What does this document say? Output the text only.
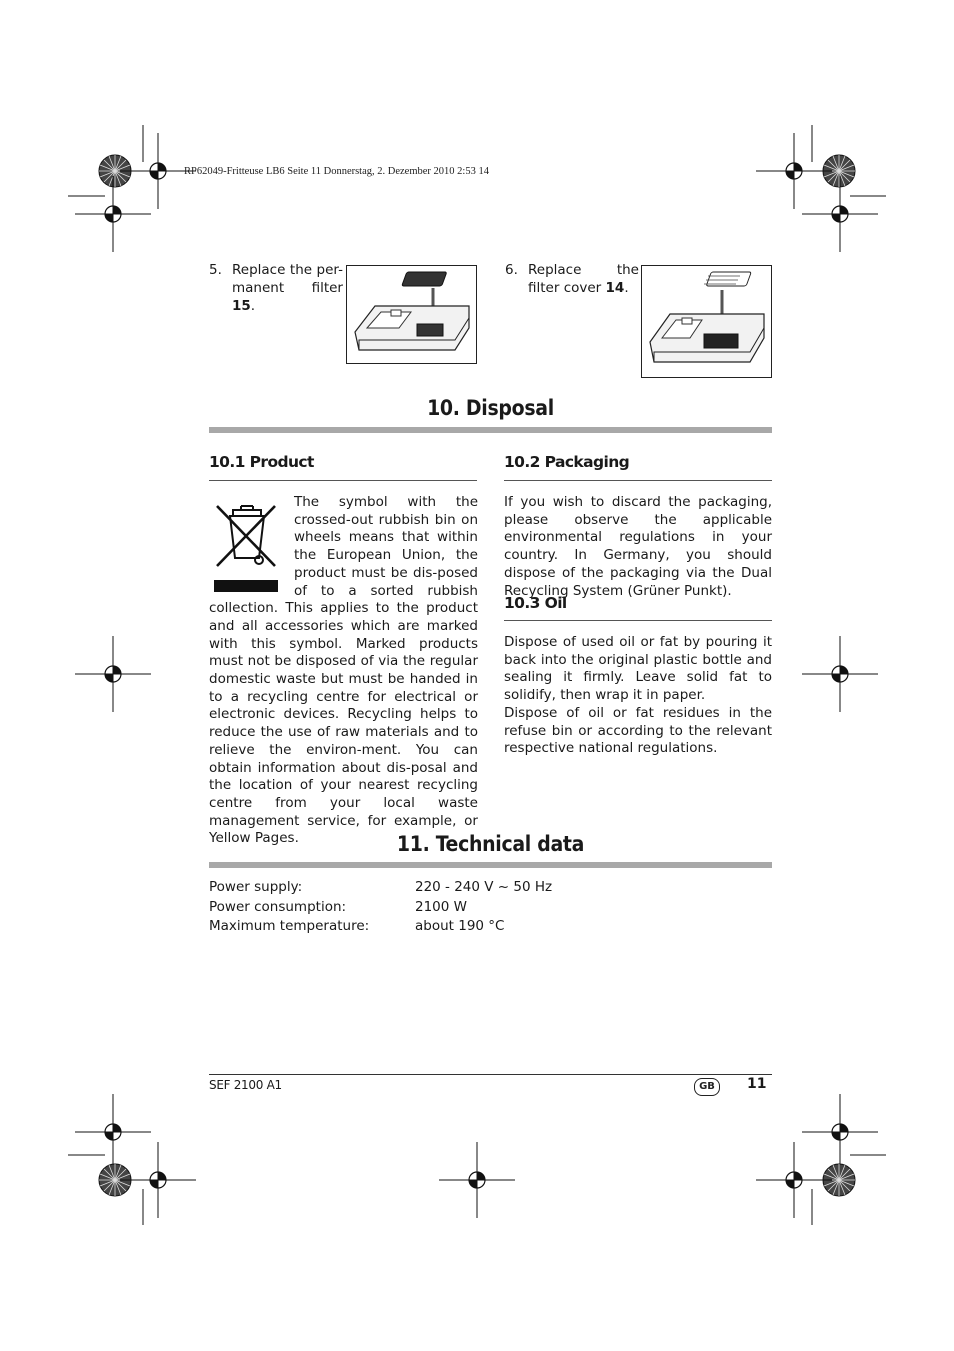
RP62049-Fritteuse LB6 Seite 11 Donnerstag, 2. Dezember 2010 2:53 14
5. Replace the per-manent filter 15.
6. Replace the filter cover 14.
10. Disposal
10.1 Product

The symbol with the crossed-out rubbish bin on wheels means that within the European Union, the product must be dis-posed of to a sorted rubbish collection. This applies to the product and all accessories which are marked with this symbol. Marked products must not be disposed of via the regular domestic waste but must be handed in to a recycling centre for electrical or electronic devices. Recycling helps to reduce the use of raw materials and to relieve the environ-ment. You can obtain information about dis-posal and the location of your nearest recycling centre from your local waste management service, for example, or Yellow Pages.

10.2 Packaging

If you wish to discard the packaging, please observe the applicable environmental regulations in your country. In Germany, you should dispose of the packaging via the Dual Recycling System (Grüner Punkt).

10.3 Oil

Dispose of used oil or fat by pouring it back into the original plastic bottle and sealing it firmly. Leave solid fat to solidify, then wrap it in paper.

Dispose of oil or fat residues in the refuse bin or according to the relevant respective national regulations.

11. Technical data
Power supply:	220 - 240 V ~ 50 Hz
Power consumption:	2100 W
Maximum temperature:	about 190 °C
SEF 2100 A1	GB	11
